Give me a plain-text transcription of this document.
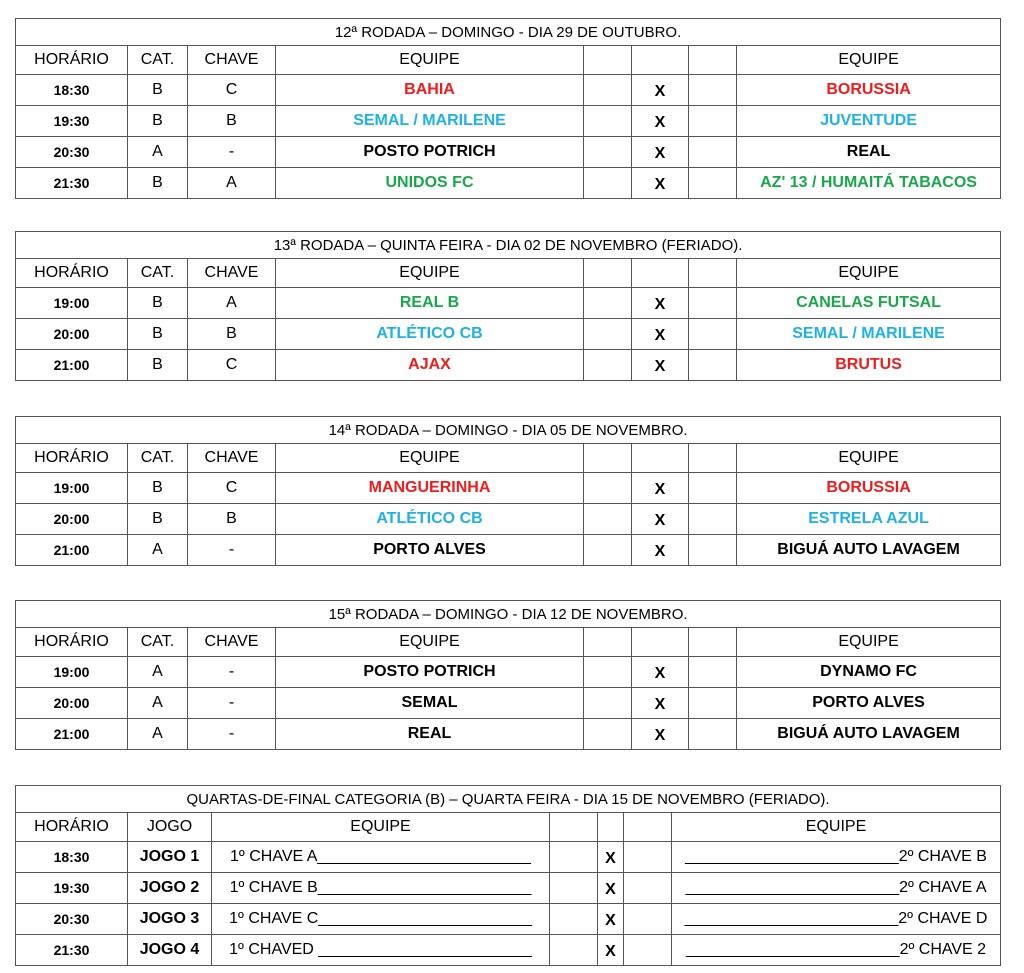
12ª RODADA – DOMINGO - DIA 29 DE OUTUBRO.							
HORÁRIO	CAT.	CHAVE	EQUIPE				EQUIPE
18:30	B	C	BAHIA		X		BORUSSIA
19:30	B	B	SEMAL / MARILENE		X		JUVENTUDE
20:30	A	-	POSTO POTRICH		X		REAL
21:30	B	A	UNIDOS FC		X		AZ' 13 / HUMAITÁ TABACOS
13ª RODADA – QUINTA FEIRA - DIA 02 DE NOVEMBRO (FERIADO).							
HORÁRIO	CAT.	CHAVE	EQUIPE				EQUIPE
19:00	B	A	REAL B		X		CANELAS FUTSAL
20:00	B	B	ATLÉTICO CB		X		SEMAL / MARILENE
21:00	B	C	AJAX		X		BRUTUS
14ª RODADA – DOMINGO - DIA 05 DE NOVEMBRO.							
HORÁRIO	CAT.	CHAVE	EQUIPE				EQUIPE
19:00	B	C	MANGUERINHA		X		BORUSSIA
20:00	B	B	ATLÉTICO CB		X		ESTRELA AZUL
21:00	A	-	PORTO ALVES		X		BIGUÁ AUTO LAVAGEM
15ª RODADA – DOMINGO - DIA 12 DE NOVEMBRO.							
HORÁRIO	CAT.	CHAVE	EQUIPE				EQUIPE
19:00	A	-	POSTO POTRICH		X		DYNAMO FC
20:00	A	-	SEMAL		X		PORTO ALVES
21:00	A	-	REAL		X		BIGUÁ AUTO LAVAGEM
QUARTAS-DE-FINAL CATEGORIA (B) – QUARTA FEIRA - DIA 15 DE NOVEMBRO (FERIADO).						
HORÁRIO	JOGO	EQUIPE				EQUIPE
18:30	JOGO 1	1º CHAVE A________________________		X		________________________2º CHAVE B
19:30	JOGO 2	1º CHAVE B________________________		X		________________________2º CHAVE A
20:30	JOGO 3	1º CHAVE C________________________		X		________________________2º CHAVE D
21:30	JOGO 4	1º CHAVED ________________________		X		________________________2º CHAVE 2
